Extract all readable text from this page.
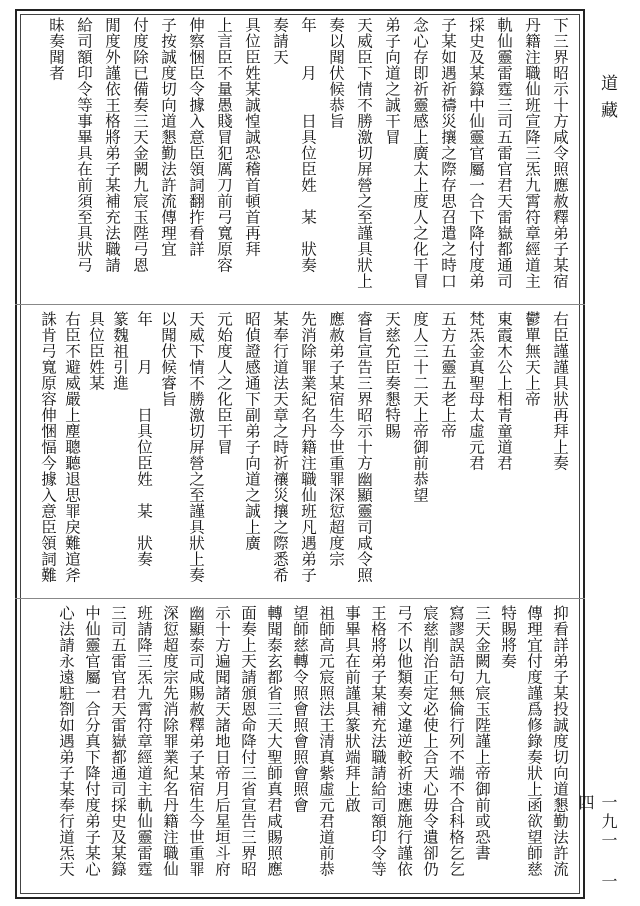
下三界昭示十方咸令照應赦釋弟子某宿
丹籍注職仙班宣降三炁九霄符章經道主
軌仙靈雷霆三司五雷官君天雷嶽都通司
採史及某籙中仙靈官屬一合下降付度弟
子某如遇祈禱災攘之際存思召遣之時口
念心存即祈靈感上廣太上度人之化干冒
弟子向道之誠干冒
天威臣下情不勝激切屏營之至謹具狀上
奏以聞伏候恭旨
年　　月　　日具位臣姓　某　狀奏
奏請天
具位臣姓某誠惶誠恐稽首頓首再拜
上言臣不量愚賤冒犯厲刀前弓寬原容
伸察悃臣令據入意臣領詞翻拃看詳
子按誠度切向道懇勤法許流傳理宜
付度除已備奏三天金闕九宸玉陛弓恩
閒度外謹依王格將弟子某補充法職請
給司額印令等事畢具在前須至具狀弓
昧奏聞者
右臣謹謹具狀再拜上奏
鬱單無天上帝
東霞木公上相青童道君
梵炁金真聖母太虛元君
五方五靈五老上帝
度人三十二天上帝御前恭望
天慈允臣奏懇特賜
睿旨宣告三界昭示十方幽顯靈司咸令照
應赦弟子某宿生今世重罪深愆超度宗
先消除罪業紀名丹籍注職仙班凡遇弟子
某奉行道法天章之時祈禳災攘之際悉希
昭偵證感通下副弟子向道之誠上廣
元始度人之化臣干冒
天威下情不勝激切屏營之至謹具狀上奏
以聞伏候睿旨
年　　月　　日具位臣姓　某　狀奏
篆魏祖引進
具位臣姓某
右臣不避威嚴上塵聰聽退思罪戾難逭斧
誅肯弓寬原容伸悃愊今據入意臣領詞難
抑看詳弟子某投誠度切向道懇勤法許流
傳理宜付度謹爲修錄奏狀上函欲望師慈
特賜將奏
三天金闕九宸玉陛謹上帝御前或恐書
寫謬誤語句無倫行列不端不合科格乞乞
宸慈削治正定必使上合天心毋令遺卻仍
弓不以他類奏文違逆較祈速應施行謹依
王格將弟子某補充法職請給司額印令等
事畢具在前謹具篆狀端拜上啟
祖師高元宸照法王清真紫虛元君道前恭
望師慈轉令照會照會照會照會
轉聞泰玄都省三天大聖師真君咸賜照應
面奏上天請頒恩命降付三省宣告三界昭
示十方遍聞諸天諸地日帝月后星垣斗府
幽顯泰司咸賜赦釋弟子某宿生今世重罪
深愆超度宗先消除罪業紀名丹籍注職仙
班請降三炁九霄符章經道主軌仙靈雷霆
三司五雷官君天雷嶽都通司採史及某籙
中仙靈官屬一合分真下降付度弟子某心
心法請永遠駐劄如遇弟子某奉行道炁天
道藏
一九一 一四
